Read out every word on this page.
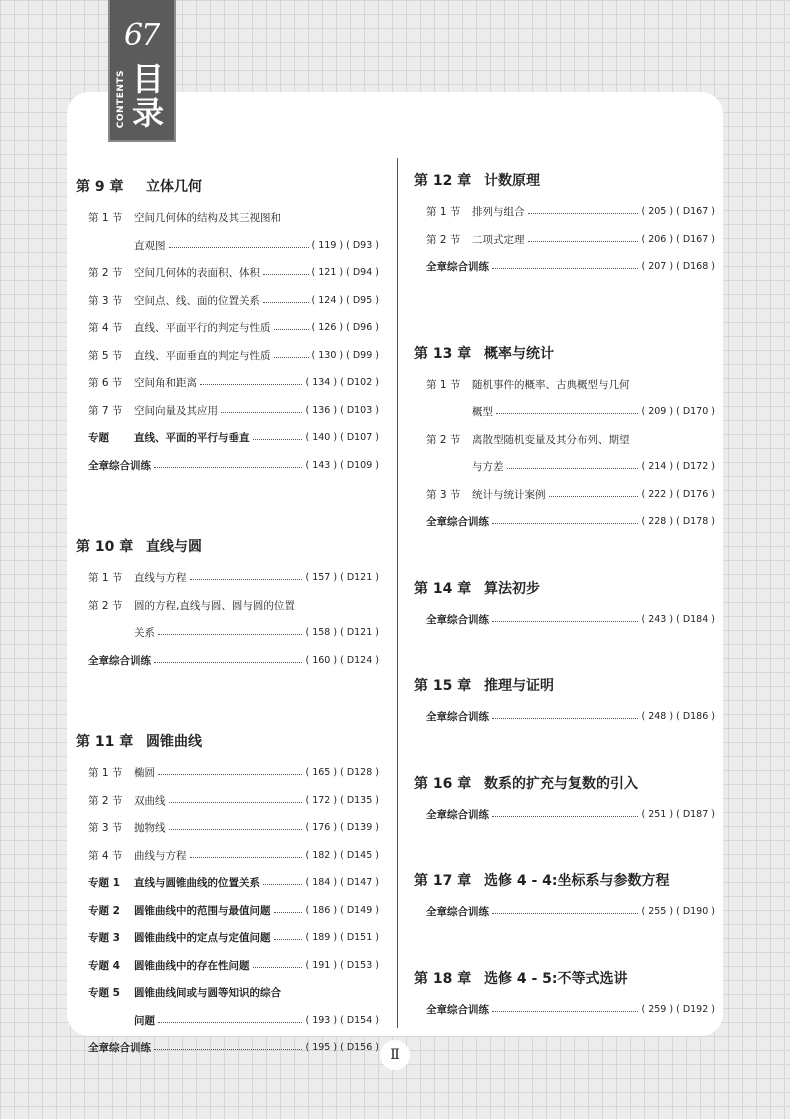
67
CONTENTS 目录
第 9 章 立体几何
第 1 节	空间几何体的结构及其三视图和
直观图	( 119 ) ( D93 )
第 2 节	空间几何体的表面积、体积	( 121 ) ( D94 )
第 3 节	空间点、线、面的位置关系	( 124 ) ( D95 )
第 4 节	直线、平面平行的判定与性质	( 126 ) ( D96 )
第 5 节	直线、平面垂直的判定与性质	( 130 ) ( D99 )
第 6 节	空间角和距离	( 134 ) ( D102 )
第 7 节	空间向量及其应用	( 136 ) ( D103 )
专题	直线、平面的平行与垂直	( 140 ) ( D107 )
全章综合训练	( 143 ) ( D109 )
第 10 章 直线与圆
第 1 节	直线与方程	( 157 ) ( D121 )
第 2 节	圆的方程,直线与圆、圆与圆的位置
关系	( 158 ) ( D121 )
全章综合训练	( 160 ) ( D124 )
第 11 章 圆锥曲线
第 1 节	椭圆	( 165 ) ( D128 )
第 2 节	双曲线	( 172 ) ( D135 )
第 3 节	抛物线	( 176 ) ( D139 )
第 4 节	曲线与方程	( 182 ) ( D145 )
专题 1	直线与圆锥曲线的位置关系	( 184 ) ( D147 )
专题 2	圆锥曲线中的范围与最值问题	( 186 ) ( D149 )
专题 3	圆锥曲线中的定点与定值问题	( 189 ) ( D151 )
专题 4	圆锥曲线中的存在性问题	( 191 ) ( D153 )
专题 5	圆锥曲线间或与圆等知识的综合
问题	( 193 ) ( D154 )
全章综合训练	( 195 ) ( D156 )
第 12 章 计数原理
第 1 节	排列与组合	( 205 ) ( D167 )
第 2 节	二项式定理	( 206 ) ( D167 )
全章综合训练	( 207 ) ( D168 )
第 13 章 概率与统计
第 1 节	随机事件的概率、古典概型与几何
概型	( 209 ) ( D170 )
第 2 节	离散型随机变量及其分布列、期望
与方差	( 214 ) ( D172 )
第 3 节	统计与统计案例	( 222 ) ( D176 )
全章综合训练	( 228 ) ( D178 )
第 14 章 算法初步
全章综合训练	( 243 ) ( D184 )
第 15 章 推理与证明
全章综合训练	( 248 ) ( D186 )
第 16 章 数系的扩充与复数的引入
全章综合训练	( 251 ) ( D187 )
第 17 章 选修 4 - 4:坐标系与参数方程
全章综合训练	( 255 ) ( D190 )
第 18 章 选修 4 - 5:不等式选讲
全章综合训练	( 259 ) ( D192 )
Ⅱ
